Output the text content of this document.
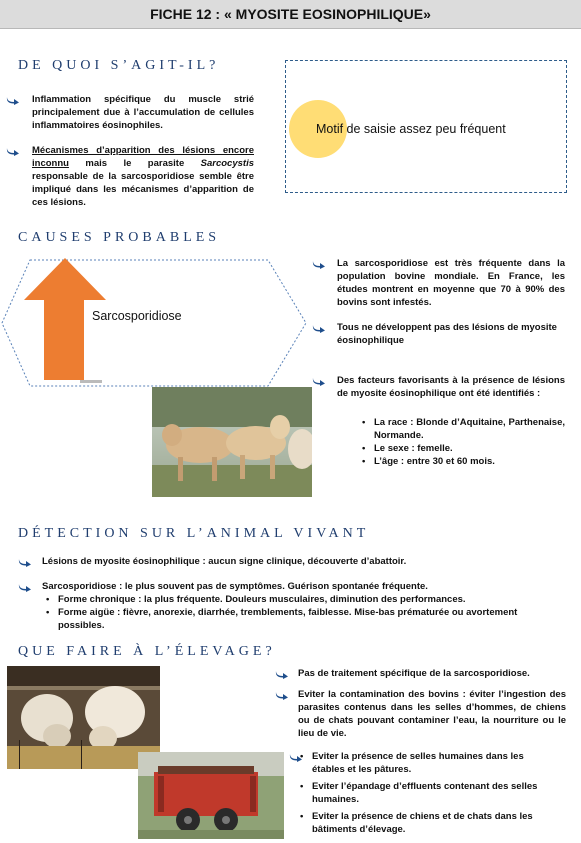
FICHE 12 : « MYOSITE EOSINOPHILIQUE»
DE QUOI S’AGIT-IL?
Inflammation spécifique du muscle strié principalement due à l’accumulation de cellules inflammatoires éosinophiles.
Mécanismes d’apparition des lésions encore inconnu mais le parasite Sarcocystis responsable de la sarcosporidiose semble être impliqué dans les mécanismes d’apparition de ces lésions.
Motif de saisie assez peu fréquent
CAUSES PROBABLES
Sarcosporidiose
La sarcosporidiose est très fréquente dans la population bovine mondiale. En France, les études montrent en moyenne que 70 à 90% des bovins sont infestés.
Tous ne développent pas des lésions de myosite éosinophilique
Des facteurs favorisants à la présence de lésions de myosite éosinophilique ont été identifiés :
• La race : Blonde d’Aquitaine, Parthenaise, Normande.
• Le sexe : femelle.
• L’âge : entre 30 et 60 mois.
DÉTECTION SUR L’ANIMAL VIVANT
Lésions de myosite éosinophilique : aucun signe clinique, découverte d’abattoir.
Sarcosporidiose : le plus souvent pas de symptômes. Guérison spontanée fréquente.
• Forme chronique : la plus fréquente. Douleurs musculaires, diminution des performances.
• Forme aigüe : fièvre, anorexie, diarrhée, tremblements, faiblesse. Mise-bas prématurée ou avortement possibles.
QUE FAIRE À L’ÉLEVAGE?
Pas de traitement spécifique de la sarcosporidiose.
Eviter la contamination des bovins : éviter l’ingestion des parasites contenus dans les selles d’hommes, de chiens ou de chats pouvant contaminer l’eau, la nourriture ou le lieu de vie.
• Eviter la présence de selles humaines dans les étables et les pâtures.
• Eviter l’épandage d’effluents contenant des selles humaines.
• Eviter la présence de chiens et de chats dans les bâtiments d’élevage.
